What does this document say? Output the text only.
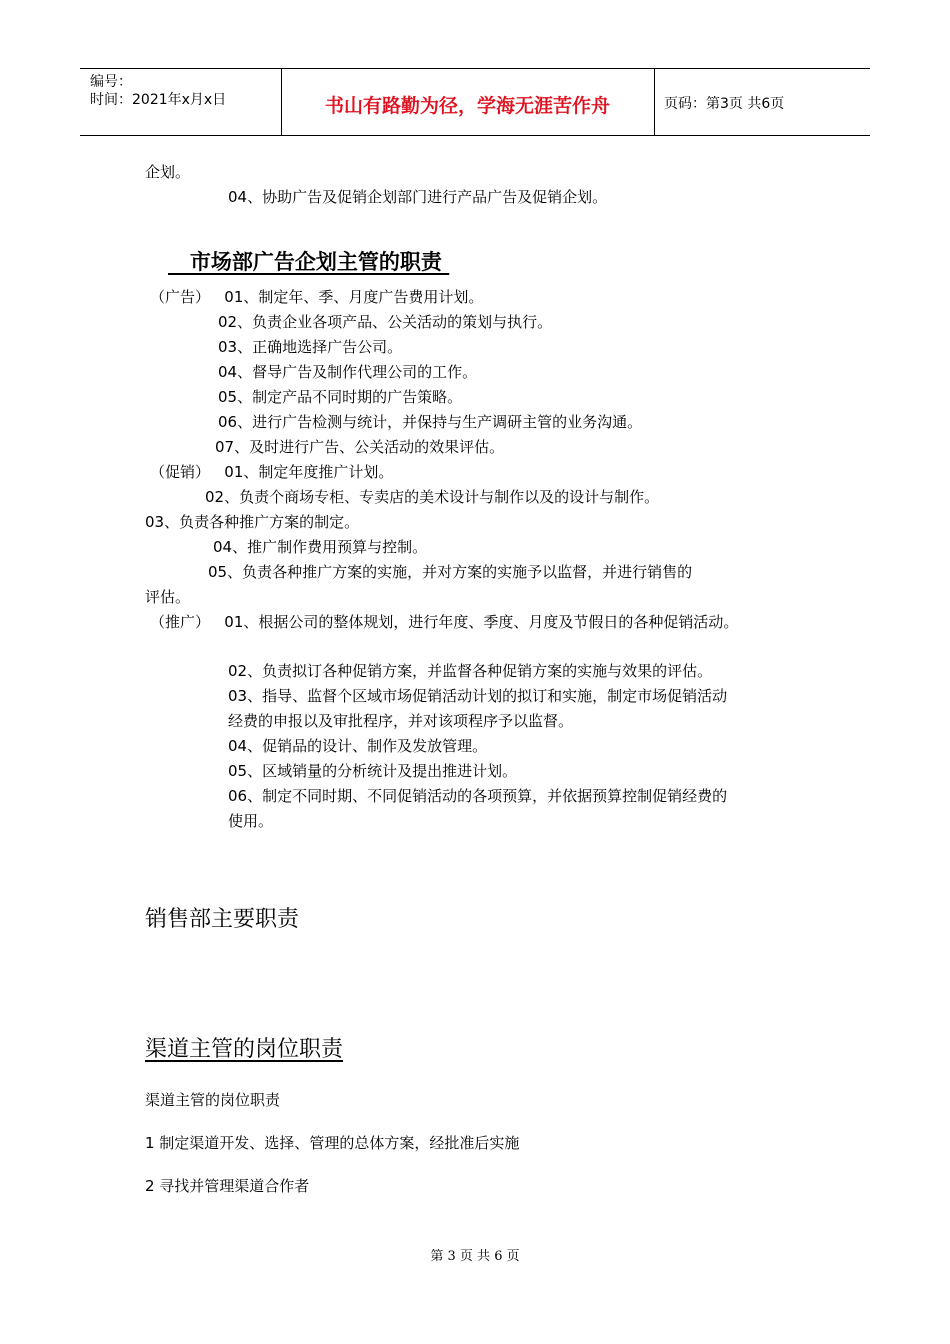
编号：
时间：2021年x月x日	书山有路勤为径，学海无涯苦作舟	页码：第3页 共6页
企划。
04、协助广告及促销企划部门进行产品广告及促销企划。
市场部广告企划主管的职责
（广告）   01、制定年、季、月度广告费用计划。
02、负责企业各项产品、公关活动的策划与执行。
03、正确地选择广告公司。
04、督导广告及制作代理公司的工作。
05、制定产品不同时期的广告策略。
06、进行广告检测与统计，并保持与生产调研主管的业务沟通。
07、及时进行广告、公关活动的效果评估。
（促销）   01、制定年度推广计划。
02、负责个商场专柜、专卖店的美术设计与制作以及的设计与制作。
03、负责各种推广方案的制定。
04、推广制作费用预算与控制。
05、负责各种推广方案的实施，并对方案的实施予以监督，并进行销售的
评估。
（推广）   01、根据公司的整体规划，进行年度、季度、月度及节假日的各种促销活动。
02、负责拟订各种促销方案，并监督各种促销方案的实施与效果的评估。
03、指导、监督个区域市场促销活动计划的拟订和实施，制定市场促销活动
经费的申报以及审批程序，并对该项程序予以监督。
04、促销品的设计、制作及发放管理。
05、区域销量的分析统计及提出推进计划。
06、制定不同时期、不同促销活动的各项预算，并依据预算控制促销经费的
使用。
销售部主要职责
渠道主管的岗位职责
渠道主管的岗位职责
1 制定渠道开发、选择、管理的总体方案，经批准后实施
2 寻找并管理渠道合作者
第 3 页 共 6 页
